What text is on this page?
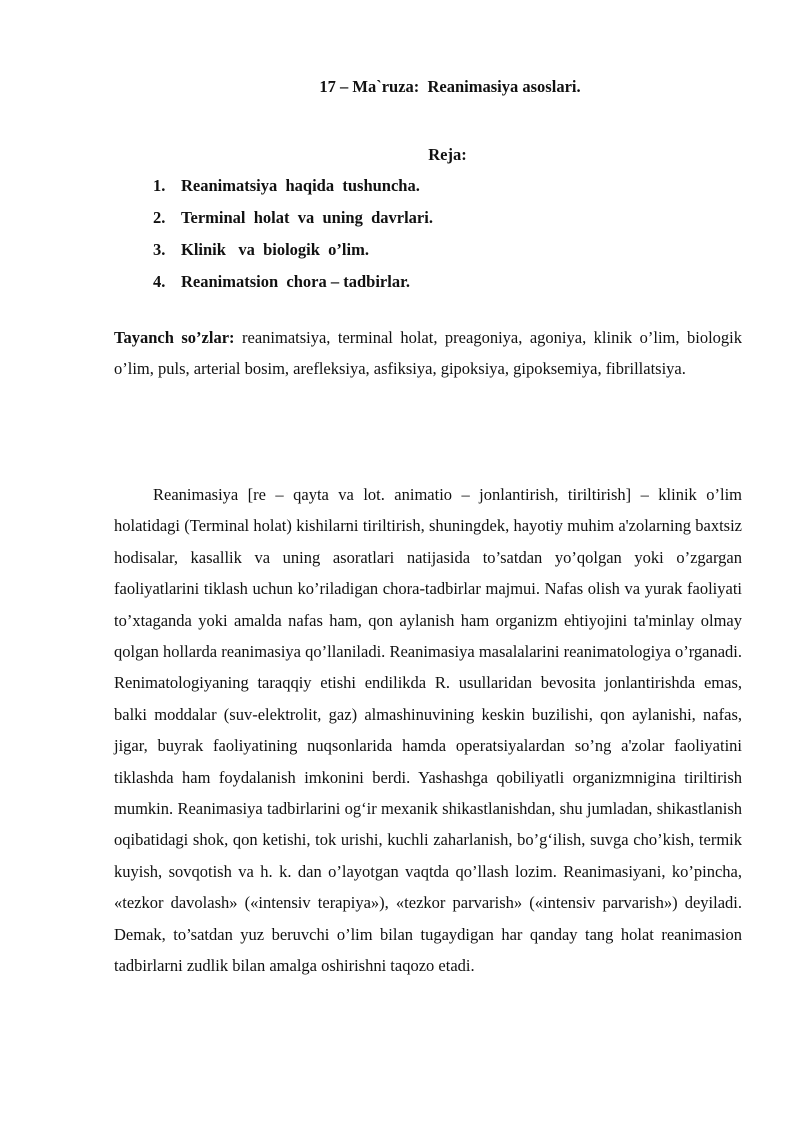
17 – Ma`ruza:  Reanimasiya asoslari.
Reja:
1. Reanimatsiya  haqida  tushuncha.
2. Terminal  holat  va  uning  davrlari.
3. Klinik   va  biologik  o’lim.
4. Reanimatsion  chora – tadbirlar.

Tayanch so’zlar: reanimatsiya, terminal holat, preagoniya, agoniya, klinik o’lim, biologik o’lim, puls, arterial bosim, arefleksiya, asfiksiya, gipoksiya, gipoksemiya, fibrillatsiya.

Reanimasiya [re – qayta va lot. animatio – jonlantirish, tiriltirish] – klinik o’lim holatidagi (Terminal holat) kishilarni tiriltirish, shuningdek, hayotiy muhim a'zolarning baxtsiz hodisalar, kasallik va uning asoratlari natijasida to’satdan yo’qolgan yoki o’zgargan faoliyatlarini tiklash uchun ko’riladigan chora-tadbirlar majmui. Nafas olish va yurak faoliyati to’xtaganda yoki amalda nafas ham, qon aylanish ham organizm ehtiyojini ta'minlay olmay qolgan hollarda reanimasiya qo’llaniladi. Reanimasiya masalalarini reanimatologiya o’rganadi. Renimatologiyaning taraqqiy etishi endilikda R. usullaridan bevosita jonlantirishda emas, balki moddalar (suv-elektrolit, gaz) almashinuvining keskin buzilishi, qon aylanishi, nafas, jigar, buyrak faoliyatining nuqsonlarida hamda operatsiyalardan so’ng a'zolar faoliyatini tiklashda ham foydalanish imkonini berdi. Yashashga qobiliyatli organizmnigina tiriltirish mumkin. Reanimasiya tadbirlarini og‘ir mexanik shikastlanishdan, shu jumladan, shikastlanish oqibatidagi shok, qon ketishi, tok urishi, kuchli zaharlanish, bo’g‘ilish, suvga cho’kish, termik kuyish, sovqotish va h. k. dan o’layotgan vaqtda qo’llash lozim. Reanimasiyani, ko’pincha, «tezkor davolash» («intensiv terapiya»), «tezkor parvarish» («intensiv parvarish») deyiladi. Demak, to’satdan yuz beruvchi o’lim bilan tugaydigan har qanday tang holat reanimasion tadbirlarni zudlik bilan amalga oshirishni taqozo etadi.
